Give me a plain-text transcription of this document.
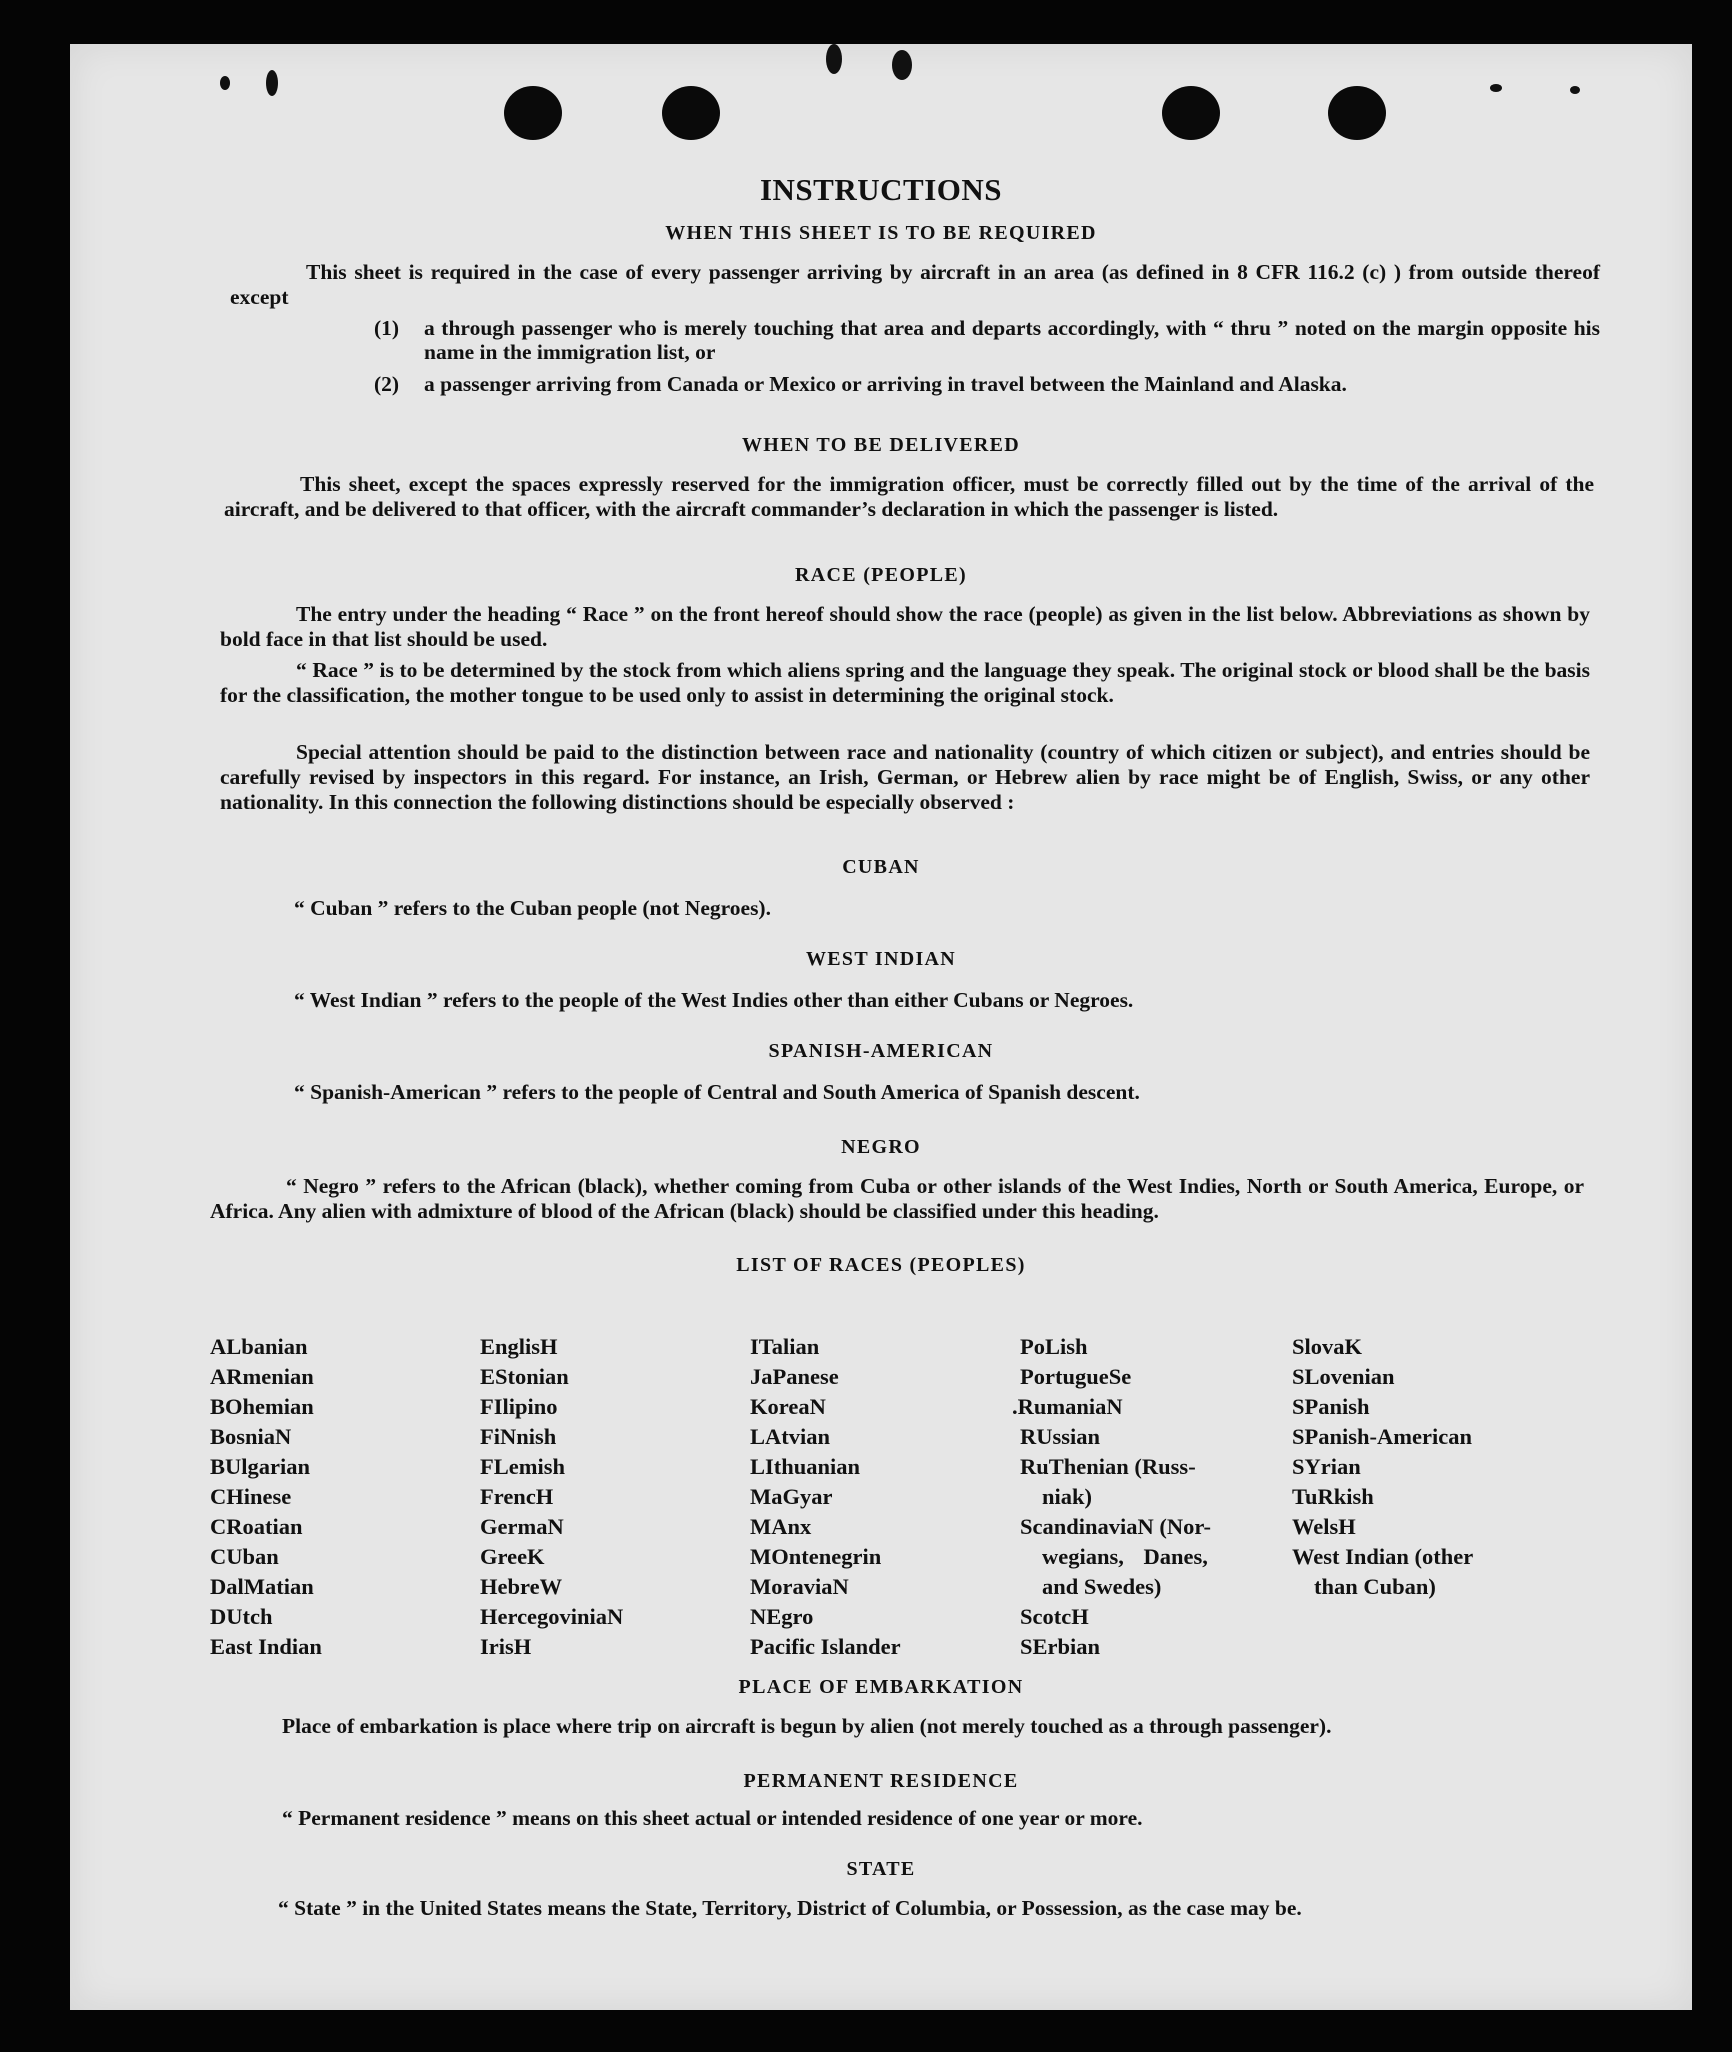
INSTRUCTIONS
WHEN THIS SHEET IS TO BE REQUIRED
This sheet is required in the case of every passenger arriving by aircraft in an area (as defined in 8 CFR 116.2 (c) ) from outside thereof except
(1) a through passenger who is merely touching that area and departs accordingly, with “ thru ” noted on the margin opposite his name in the immigration list, or
(2) a passenger arriving from Canada or Mexico or arriving in travel between the Mainland and Alaska.
WHEN TO BE DELIVERED
This sheet, except the spaces expressly reserved for the immigration officer, must be correctly filled out by the time of the arrival of the aircraft, and be delivered to that officer, with the aircraft commander’s declaration in which the passenger is listed.
RACE (PEOPLE)
The entry under the heading “ Race ” on the front hereof should show the race (people) as given in the list below. Abbreviations as shown by bold face in that list should be used.
“ Race ” is to be determined by the stock from which aliens spring and the language they speak. The original stock or blood shall be the basis for the classification, the mother tongue to be used only to assist in determining the original stock.
Special attention should be paid to the distinction between race and nationality (country of which citizen or subject), and entries should be carefully revised by inspectors in this regard. For instance, an Irish, German, or Hebrew alien by race might be of English, Swiss, or any other nationality. In this connection the following distinctions should be especially observed :
CUBAN
“ Cuban ” refers to the Cuban people (not Negroes).
WEST INDIAN
“ West Indian ” refers to the people of the West Indies other than either Cubans or Negroes.
SPANISH-AMERICAN
“ Spanish-American ” refers to the people of Central and South America of Spanish descent.
NEGRO
“ Negro ” refers to the African (black), whether coming from Cuba or other islands of the West Indies, North or South America, Europe, or Africa. Any alien with admixture of blood of the African (black) should be classified under this heading.
LIST OF RACES (PEOPLES)
ALbanian
ARmenian
BOhemian
BosniaN
BUlgarian
CHinese
CRoatian
CUban
DalMatian
DUtch
East Indian
EnglisH
EStonian
FIlipino
FiNnish
FLemish
FrencH
GermaN
GreeK
HebreW
HercegoviniaN
IrisH
ITalian
JaPanese
KoreaN
LAtvian
LIthuanian
MaGyar
MAnx
MOntenegrin
MoraviaN
NEgro
Pacific Islander
PoLish
PortugueSe
.RumaniaN
RUssian
RuThenian (Russ-
niak)
ScandinaviaN (Nor-
wegians, Danes,
and Swedes)
ScotcH
SErbian
SlovaK
SLovenian
SPanish
SPanish-American
SYrian
TuRkish
WelsH
West Indian (other
than Cuban)
PLACE OF EMBARKATION
Place of embarkation is place where trip on aircraft is begun by alien (not merely touched as a through passenger).
PERMANENT RESIDENCE
“ Permanent residence ” means on this sheet actual or intended residence of one year or more.
STATE
“ State ” in the United States means the State, Territory, District of Columbia, or Possession, as the case may be.
